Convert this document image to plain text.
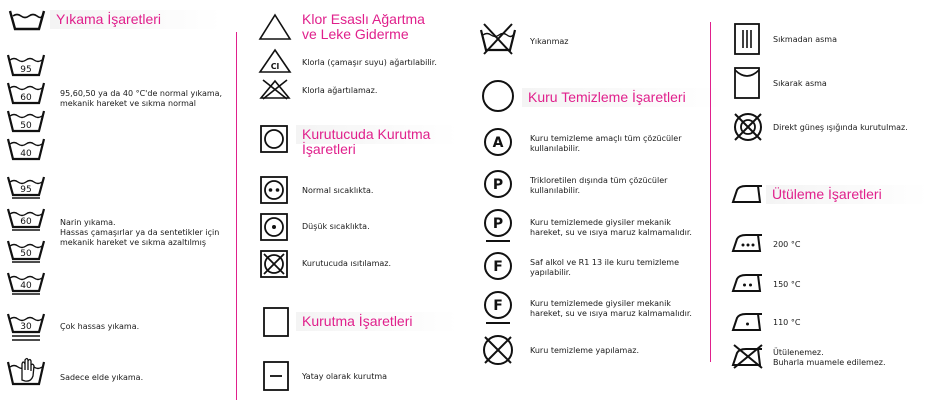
Yıkama İşaretleri
95
60
50
40
95,60,50 ya da 40 °C'de normal yıkama,
mekanik hareket ve sıkma normal
95
60
50
40
Narin yıkama.
Hassas çamaşırlar ya da sentetikler için
mekanik hareket ve sıkma azaltılmış
30	Çok hassas yıkama.
Sadece elde yıkama.
Klor Esaslı Ağartma
ve Leke Giderme
Cl	Klorla (çamaşır suyu) ağartılabilir.
Klorla ağartılamaz.
Kurutucuda Kurutma
İşaretleri
Normal sıcaklıkta.
Düşük sıcaklıkta.
Kurutucuda ısıtılamaz.
Kurutma İşaretleri
Yatay olarak kurutma
Yıkanmaz
Kuru Temizleme İşaretleri
A	Kuru temizleme amaçlı tüm çözücüler
kullanılabilir.
P	Trikloretilen dışında tüm çözücüler
kullanılabilir.
P	Kuru temizlemede giysiler mekanik
hareket, su ve ısıya maruz kalmamalıdır.
F	Saf alkol ve R1 13 ile kuru temizleme
yapılabilir.
F	Kuru temizlemede giysiler mekanik
hareket, su ve ısıya maruz kalmamalıdır.
Kuru temizleme yapılamaz.
Sıkmadan asma
Sıkarak asma
Direkt güneş ışığında kurutulmaz.
Ütüleme İşaretleri
200 °C
150 °C
110 °C
Ütülenemez.
Buharla muamele edilemez.
